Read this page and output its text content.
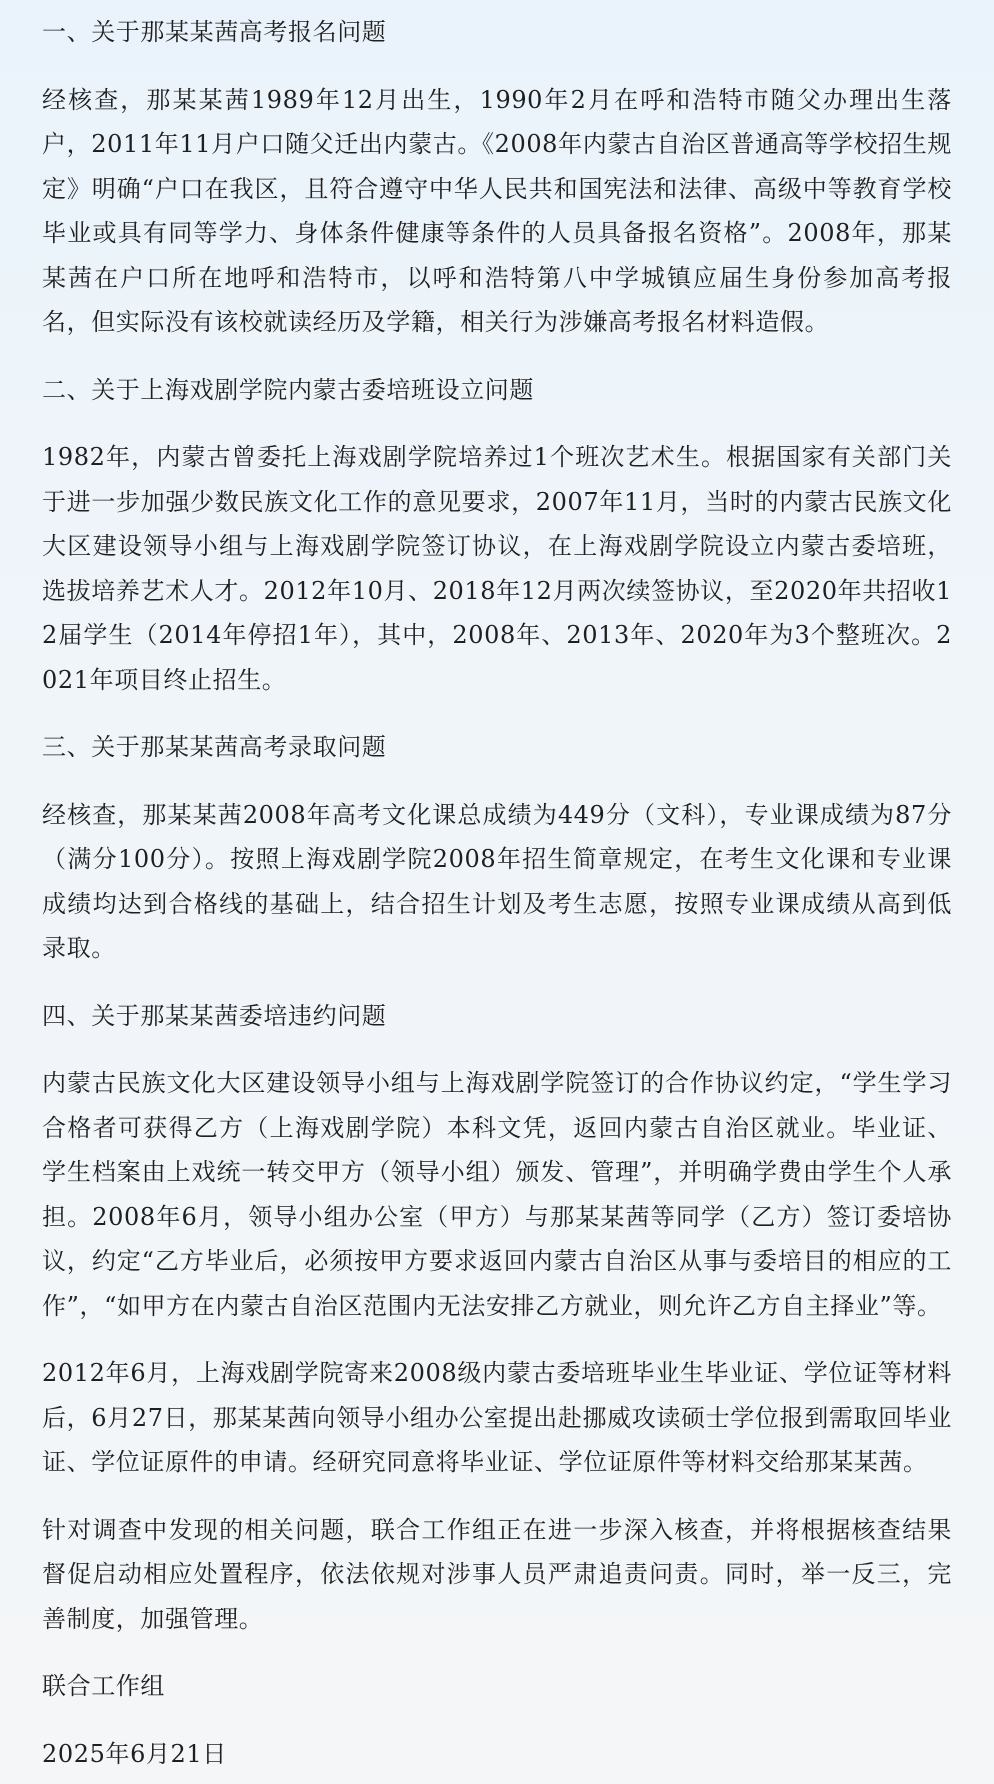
一、关于那某某茜高考报名问题

经核查，那某某茜1989年12月出生，1990年2月在呼和浩特市随父办理出生落户，2011年11月户口随父迁出内蒙古。《2008年内蒙古自治区普通高等学校招生规定》明确“户口在我区，且符合遵守中华人民共和国宪法和法律、高级中等教育学校毕业或具有同等学力、身体条件健康等条件的人员具备报名资格”。2008年，那某某茜在户口所在地呼和浩特市，以呼和浩特第八中学城镇应届生身份参加高考报名，但实际没有该校就读经历及学籍，相关行为涉嫌高考报名材料造假。

二、关于上海戏剧学院内蒙古委培班设立问题

1982年，内蒙古曾委托上海戏剧学院培养过1个班次艺术生。根据国家有关部门关于进一步加强少数民族文化工作的意见要求，2007年11月，当时的内蒙古民族文化大区建设领导小组与上海戏剧学院签订协议，在上海戏剧学院设立内蒙古委培班，选拔培养艺术人才。2012年10月、2018年12月两次续签协议，至2020年共招收12届学生（2014年停招1年），其中，2008年、2013年、2020年为3个整班次。2021年项目终止招生。

三、关于那某某茜高考录取问题

经核查，那某某茜2008年高考文化课总成绩为449分（文科），专业课成绩为87分（满分100分）。按照上海戏剧学院2008年招生简章规定，在考生文化课和专业课成绩均达到合格线的基础上，结合招生计划及考生志愿，按照专业课成绩从高到低录取。

四、关于那某某茜委培违约问题

内蒙古民族文化大区建设领导小组与上海戏剧学院签订的合作协议约定，“学生学习合格者可获得乙方（上海戏剧学院）本科文凭，返回内蒙古自治区就业。毕业证、学生档案由上戏统一转交甲方（领导小组）颁发、管理”，并明确学费由学生个人承担。2008年6月，领导小组办公室（甲方）与那某某茜等同学（乙方）签订委培协议，约定“乙方毕业后，必须按甲方要求返回内蒙古自治区从事与委培目的相应的工作”，“如甲方在内蒙古自治区范围内无法安排乙方就业，则允许乙方自主择业”等。

2012年6月，上海戏剧学院寄来2008级内蒙古委培班毕业生毕业证、学位证等材料后，6月27日，那某某茜向领导小组办公室提出赴挪威攻读硕士学位报到需取回毕业证、学位证原件的申请。经研究同意将毕业证、学位证原件等材料交给那某某茜。

针对调查中发现的相关问题，联合工作组正在进一步深入核查，并将根据核查结果督促启动相应处置程序，依法依规对涉事人员严肃追责问责。同时，举一反三，完善制度，加强管理。

联合工作组

2025年6月21日
